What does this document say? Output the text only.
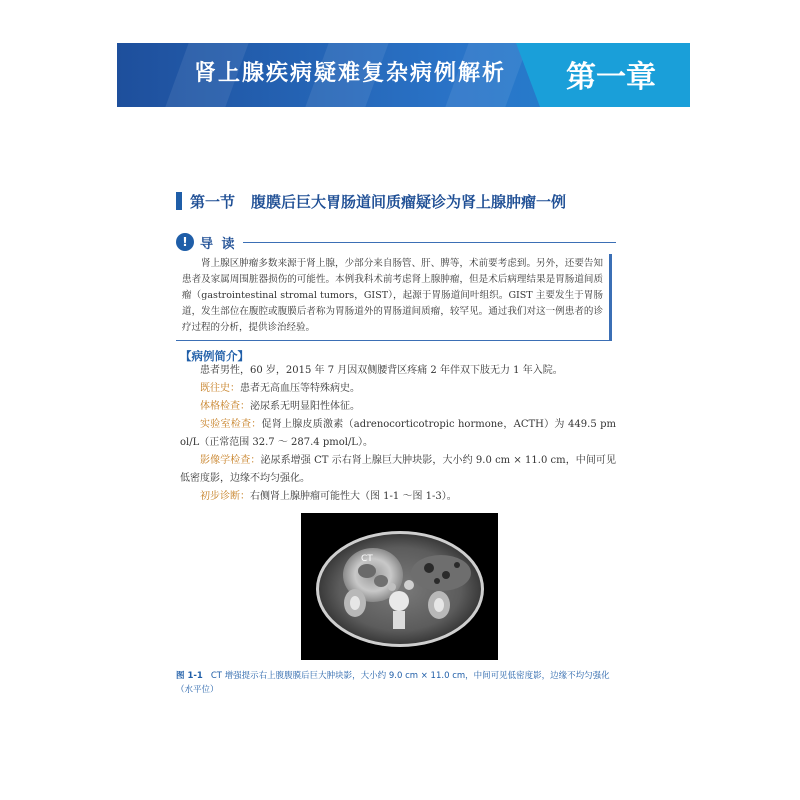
肾上腺疾病疑难复杂病例解析 第一章
第一节 腹膜后巨大胃肠道间质瘤疑诊为肾上腺肿瘤一例
! 导 读

肾上腺区肿瘤多数来源于肾上腺，少部分来自肠管、肝、脾等，术前要考虑到。另外，还要告知患者及家属周围脏器损伤的可能性。本例我科术前考虑肾上腺肿瘤，但是术后病理结果是胃肠道间质瘤（gastrointestinal stromal tumors，GIST），起源于胃肠道间叶组织。GIST 主要发生于胃肠道，发生部位在腹腔或腹膜后者称为胃肠道外的胃肠道间质瘤，较罕见。通过我们对这一例患者的诊疗过程的分析，提供诊治经验。

【病例简介】

患者男性，60 岁，2015 年 7 月因双侧腰背区疼痛 2 年伴双下肢无力 1 年入院。

既往史：患者无高血压等特殊病史。

体格检查：泌尿系无明显阳性体征。

实验室检查：促肾上腺皮质激素（adrenocorticotropic hormone，ACTH）为 449.5 pmol/L（正常范围 32.7 ～ 287.4 pmol/L）。

影像学检查：泌尿系增强 CT 示右肾上腺巨大肿块影，大小约 9.0 cm × 11.0 cm，中间可见低密度影，边缘不均匀强化。

初步诊断：右侧肾上腺肿瘤可能性大（图 1-1 ～图 1-3）。

CT
图 1-1 CT 增强提示右上腹腹膜后巨大肿块影，大小约 9.0 cm × 11.0 cm，中间可见低密度影，边缘不均匀强化（水平位）
